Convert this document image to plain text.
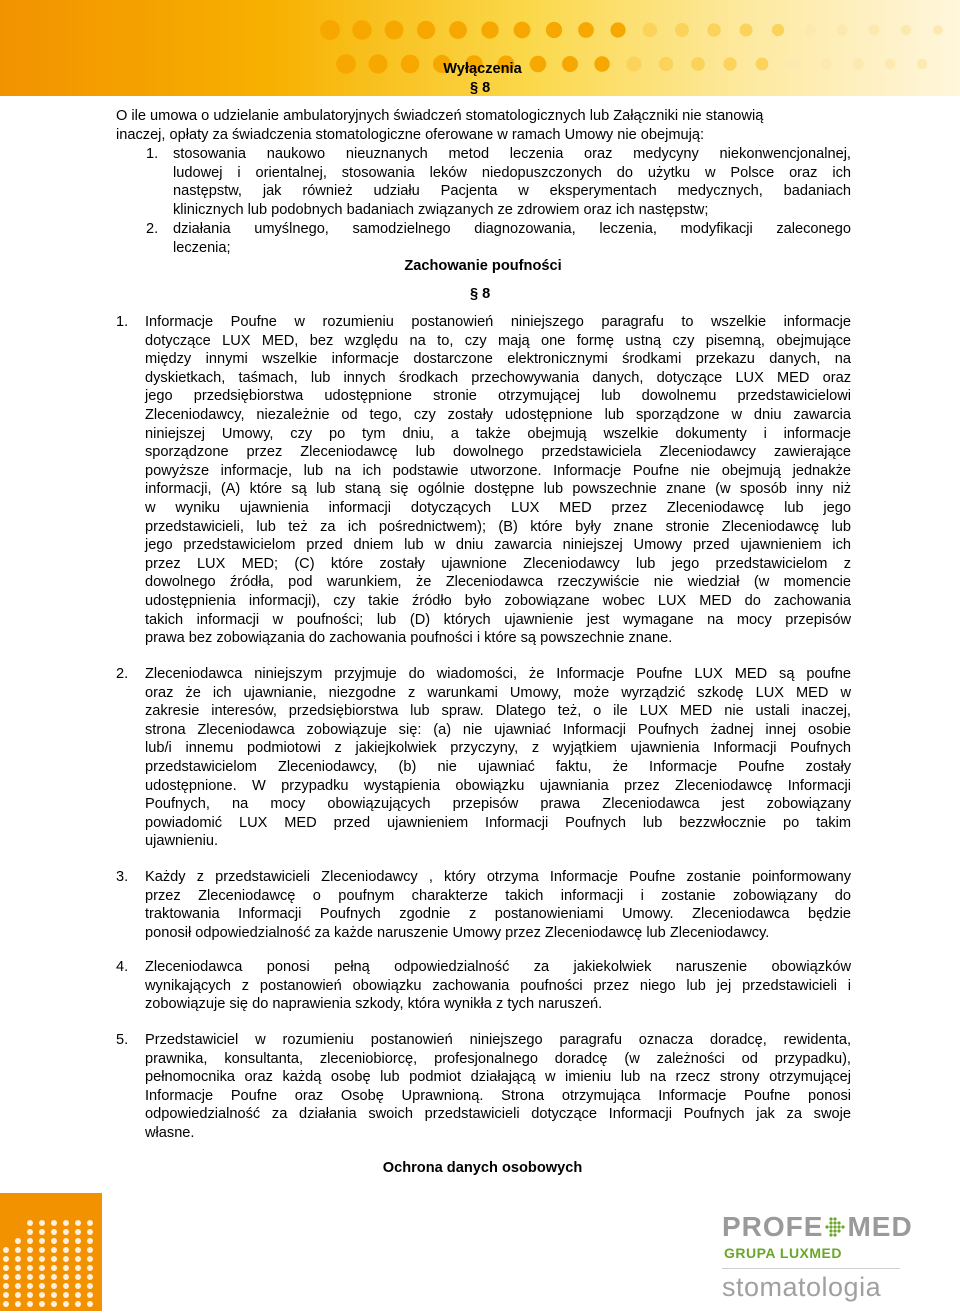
Wyłączenia
§ 8
O ile umowa o udzielanie ambulatoryjnych świadczeń stomatologicznych lub Załączniki nie stanowią
inaczej, opłaty za świadczenia stomatologiczne oferowane w ramach Umowy nie obejmują:
1. stosowania naukowo nieuznanych metod leczenia oraz medycyny niekonwencjonalnej,
ludowej i orientalnej, stosowania leków niedopuszczonych do użytku w Polsce oraz ich
następstw, jak również udziału Pacjenta w eksperymentach medycznych, badaniach
klinicznych lub podobnych badaniach związanych ze zdrowiem oraz ich następstw;
2. działania umyślnego, samodzielnego diagnozowania, leczenia, modyfikacji zaleconego
leczenia;
Zachowanie poufności
§ 8
1. Informacje Poufne w rozumieniu postanowień niniejszego paragrafu to wszelkie informacje
dotyczące LUX MED, bez względu na to, czy mają one formę ustną czy pisemną, obejmujące
między innymi wszelkie informacje dostarczone elektronicznymi środkami przekazu danych, na
dyskietkach, taśmach, lub innych środkach przechowywania danych, dotyczące LUX MED oraz
jego przedsiębiorstwa udostępnione stronie otrzymującej lub dowolnemu przedstawicielowi
Zleceniodawcy, niezależnie od tego, czy zostały udostępnione lub sporządzone w dniu zawarcia
niniejszej Umowy, czy po tym dniu, a także obejmują wszelkie dokumenty i informacje
sporządzone przez Zleceniodawcę lub dowolnego przedstawiciela Zleceniodawcy zawierające
powyższe informacje, lub na ich podstawie utworzone. Informacje Poufne nie obejmują jednakże
informacji, (A) które są lub staną się ogólnie dostępne lub powszechnie znane (w sposób inny niż
w wyniku ujawnienia informacji dotyczących LUX MED przez Zleceniodawcę lub jego
przedstawicieli, lub też za ich pośrednictwem); (B) które były znane stronie Zleceniodawcę lub
jego przedstawicielom przed dniem lub w dniu zawarcia niniejszej Umowy przed ujawnieniem ich
przez LUX MED; (C) które zostały ujawnione Zleceniodawcy lub jego przedstawicielom z
dowolnego źródła, pod warunkiem, że Zleceniodawca rzeczywiście nie wiedział (w momencie
udostępnienia informacji), czy takie źródło było zobowiązane wobec LUX MED do zachowania
takich informacji w poufności; lub (D) których ujawnienie jest wymagane na mocy przepisów
prawa bez zobowiązania do zachowania poufności i które są powszechnie znane.
2. Zleceniodawca niniejszym przyjmuje do wiadomości, że Informacje Poufne LUX MED są poufne
oraz że ich ujawnianie, niezgodne z warunkami Umowy, może wyrządzić szkodę LUX MED w
zakresie interesów, przedsiębiorstwa lub spraw. Dlatego też, o ile LUX MED nie ustali inaczej,
strona Zleceniodawca zobowiązuje się: (a) nie ujawniać Informacji Poufnych żadnej innej osobie
lub/i innemu podmiotowi z jakiejkolwiek przyczyny, z wyjątkiem ujawnienia Informacji Poufnych
przedstawicielom Zleceniodawcy, (b) nie ujawniać faktu, że Informacje Poufne zostały
udostępnione. W przypadku wystąpienia obowiązku ujawniania przez Zleceniodawcę Informacji
Poufnych, na mocy obowiązujących przepisów prawa Zleceniodawca jest zobowiązany
powiadomić LUX MED przed ujawnieniem Informacji Poufnych lub bezzwłocznie po takim
ujawnieniu.
3. Każdy z przedstawicieli Zleceniodawcy , który otrzyma Informacje Poufne zostanie poinformowany
przez Zleceniodawcę o poufnym charakterze takich informacji i zostanie zobowiązany do
traktowania Informacji Poufnych zgodnie z postanowieniami Umowy. Zleceniodawca będzie
ponosił odpowiedzialność za każde naruszenie Umowy przez Zleceniodawcę lub Zleceniodawcy.
4. Zleceniodawca ponosi pełną odpowiedzialność za jakiekolwiek naruszenie obowiązków
wynikających z postanowień obowiązku zachowania poufności przez niego lub jej przedstawicieli i
zobowiązuje się do naprawienia szkody, która wynikła z tych naruszeń.
5. Przedstawiciel w rozumieniu postanowień niniejszego paragrafu oznacza doradcę, rewidenta,
prawnika, konsultanta, zleceniobiorcę, profesjonalnego doradcę (w zależności od przypadku),
pełnomocnika oraz każdą osobę lub podmiot działającą w imieniu lub na rzecz strony otrzymującej
Informacje Poufne oraz Osobę Uprawnioną. Strona otrzymująca Informacje Poufne ponosi
odpowiedzialność za działania swoich przedstawicieli dotyczące Informacji Poufnych jak za swoje
własne.
Ochrona danych osobowych
PROFE MED
GRUPA LUXMED
stomatologia
